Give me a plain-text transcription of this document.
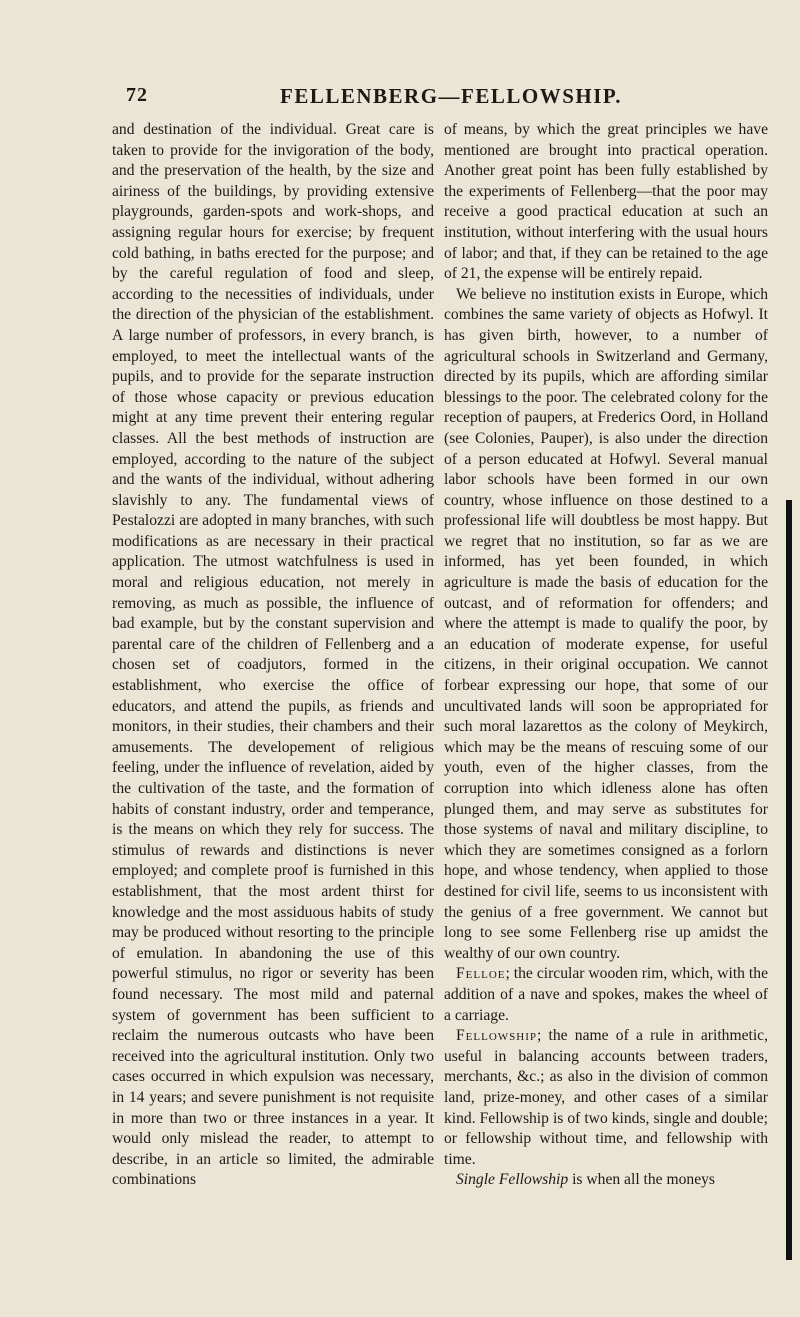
72	FELLENBERG—FELLOWSHIP.

and destination of the individual. Great care is taken to provide for the invigoration of the body, and the preservation of the health, by the size and airiness of the buildings, by providing extensive playgrounds, garden-spots and work-shops, and assigning regular hours for exercise; by frequent cold bathing, in baths erected for the purpose; and by the careful regulation of food and sleep, according to the necessities of individuals, under the direction of the physician of the establishment. A large number of professors, in every branch, is employed, to meet the intellectual wants of the pupils, and to provide for the separate instruction of those whose capacity or previous education might at any time prevent their entering regular classes. All the best methods of instruction are employed, according to the nature of the subject and the wants of the individual, without adhering slavishly to any. The fundamental views of Pestalozzi are adopted in many branches, with such modifications as are necessary in their practical application. The utmost watchfulness is used in moral and religious education, not merely in removing, as much as possible, the influence of bad example, but by the constant supervision and parental care of the children of Fellenberg and a chosen set of coadjutors, formed in the establishment, who exercise the office of educators, and attend the pupils, as friends and monitors, in their studies, their chambers and their amusements. The developement of religious feeling, under the influence of revelation, aided by the cultivation of the taste, and the formation of habits of constant industry, order and temperance, is the means on which they rely for success. The stimulus of rewards and distinctions is never employed; and complete proof is furnished in this establishment, that the most ardent thirst for knowledge and the most assiduous habits of study may be produced without resorting to the principle of emulation. In abandoning the use of this powerful stimulus, no rigor or severity has been found necessary. The most mild and paternal system of government has been sufficient to reclaim the numerous outcasts who have been received into the agricultural institution. Only two cases occurred in which expulsion was necessary, in 14 years; and severe punishment is not requisite in more than two or three instances in a year. It would only mislead the reader, to attempt to describe, in an article so limited, the admirable combinations

of means, by which the great principles we have mentioned are brought into practical operation. Another great point has been fully established by the experiments of Fellenberg—that the poor may receive a good practical education at such an institution, without interfering with the usual hours of labor; and that, if they can be retained to the age of 21, the expense will be entirely repaid.

We believe no institution exists in Europe, which combines the same variety of objects as Hofwyl. It has given birth, however, to a number of agricultural schools in Switzerland and Germany, directed by its pupils, which are affording similar blessings to the poor. The celebrated colony for the reception of paupers, at Frederics Oord, in Holland (see Colonies, Pauper), is also under the direction of a person educated at Hofwyl. Several manual labor schools have been formed in our own country, whose influence on those destined to a professional life will doubtless be most happy. But we regret that no institution, so far as we are informed, has yet been founded, in which agriculture is made the basis of education for the outcast, and of reformation for offenders; and where the attempt is made to qualify the poor, by an education of moderate expense, for useful citizens, in their original occupation. We cannot forbear expressing our hope, that some of our uncultivated lands will soon be appropriated for such moral lazarettos as the colony of Meykirch, which may be the means of rescuing some of our youth, even of the higher classes, from the corruption into which idleness alone has often plunged them, and may serve as substitutes for those systems of naval and military discipline, to which they are sometimes consigned as a forlorn hope, and whose tendency, when applied to those destined for civil life, seems to us inconsistent with the genius of a free government. We cannot but long to see some Fellenberg rise up amidst the wealthy of our own country.

Felloe; the circular wooden rim, which, with the addition of a nave and spokes, makes the wheel of a carriage.

Fellowship; the name of a rule in arithmetic, useful in balancing accounts between traders, merchants, &c.; as also in the division of common land, prize-money, and other cases of a similar kind. Fellowship is of two kinds, single and double; or fellowship without time, and fellowship with time.

Single Fellowship is when all the moneys
